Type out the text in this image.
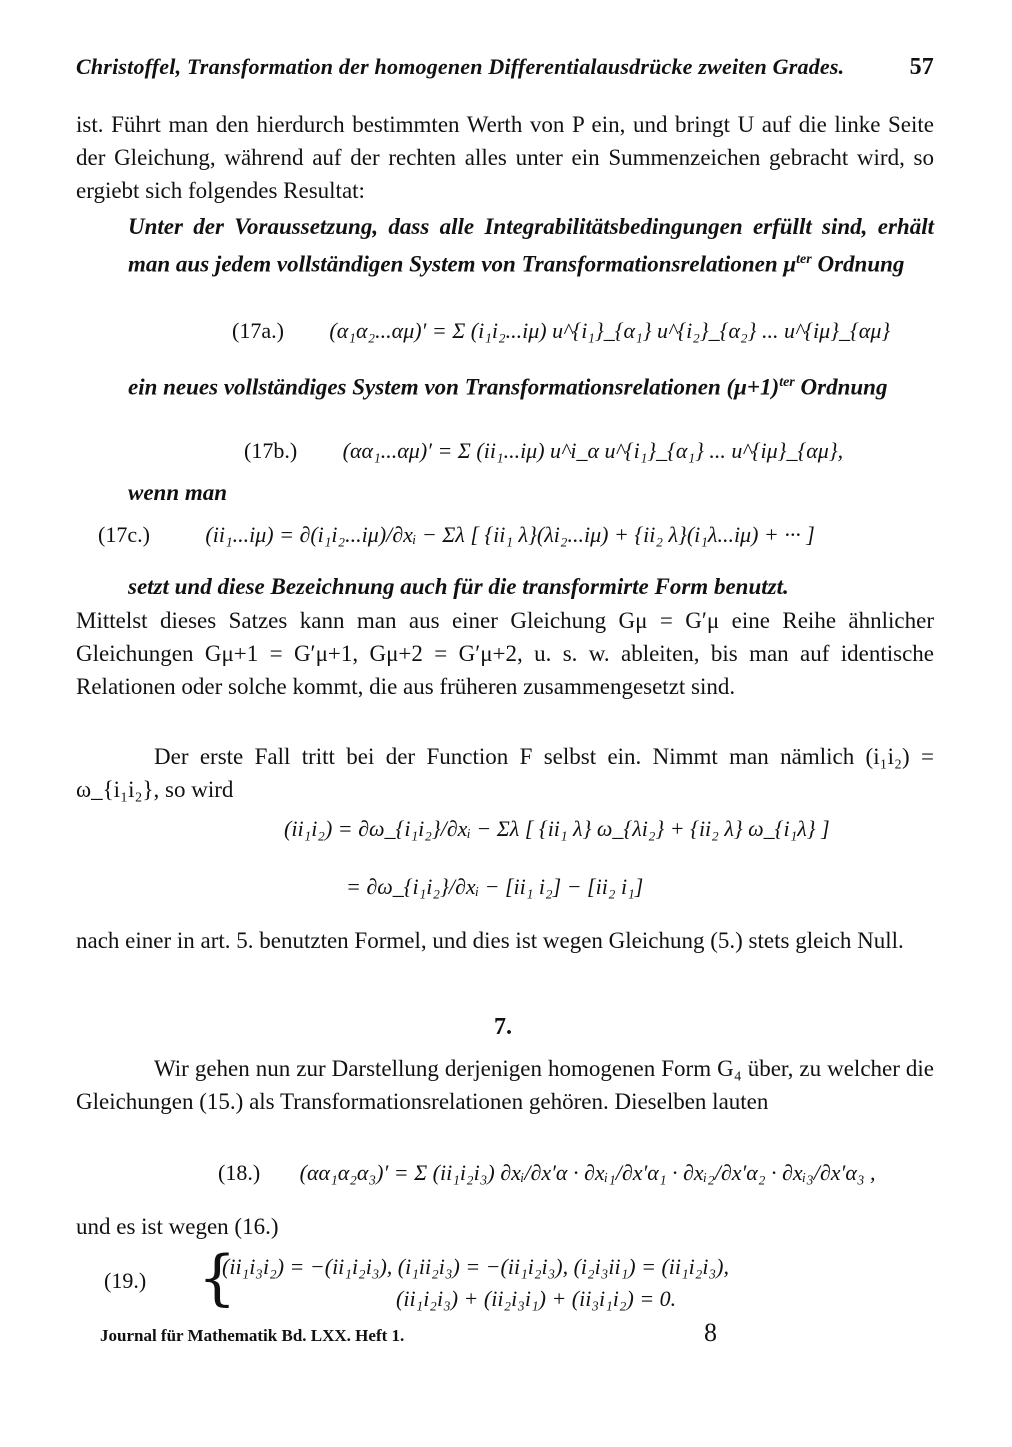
Christoffel, Transformation der homogenen Differentialausdrücke zweiten Grades.	57
ist. Führt man den hierdurch bestimmten Werth von P ein, und bringt U auf die linke Seite der Gleichung, während auf der rechten alles unter ein Summenzeichen gebracht wird, so ergiebt sich folgendes Resultat:
Unter der Voraussetzung, dass alle Integrabilitätsbedingungen erfüllt sind, erhält man aus jedem vollständigen System von Transformationsrelationen $\mu^{ter}$ Ordnung
(17a.) (α₁α₂...αμ)′ = Σ (i₁i₂...iμ) u^{i₁}_{α₁} u^{i₂}_{α₂} ... u^{iμ}_{αμ}
ein neues vollständiges System von Transformationsrelationen $(\mu+1)^{ter}$ Ordnung
(17b.) (αα₁...αμ)′ = Σ (ii₁...iμ) u^i_α u^{i₁}_{α₁} ... u^{iμ}_{αμ},
wenn man
(17c.)	(ii₁...iμ) = ∂(i₁i₂...iμ)/∂xᵢ − Σλ [ {ii₁ λ}(λi₂...iμ) + {ii₂ λ}(i₁λ...iμ) + ··· ]
setzt und diese Bezeichnung auch für die transformirte Form benutzt.
Mittelst dieses Satzes kann man aus einer Gleichung Gμ = G′μ eine Reihe ähnlicher Gleichungen Gμ+1 = G′μ+1, Gμ+2 = G′μ+2, u. s. w. ableiten, bis man auf identische Relationen oder solche kommt, die aus früheren zusammengesetzt sind.
Der erste Fall tritt bei der Function F selbst ein. Nimmt man nämlich (i₁i₂) = ω_{i₁i₂}, so wird
(ii₁i₂) = ∂ω_{i₁i₂}/∂xᵢ − Σλ [ {ii₁ λ} ω_{λi₂} + {ii₂ λ} ω_{i₁λ} ]
= ∂ω_{i₁i₂}/∂xᵢ − [ii₁ i₂] − [ii₂ i₁]
nach einer in art. 5. benutzten Formel, und dies ist wegen Gleichung (5.) stets gleich Null.
7.
Wir gehen nun zur Darstellung derjenigen homogenen Form G₄ über, zu welcher die Gleichungen (15.) als Transformationsrelationen gehören. Dieselben lauten
(18.) (αα₁α₂α₃)′ = Σ (ii₁i₂i₃) ∂xᵢ/∂x′α · ∂xᵢ₁/∂x′α₁ · ∂xᵢ₂/∂x′α₂ · ∂xᵢ₃/∂x′α₃ ,
und es ist wegen (16.)
(19.) {
(ii₁i₃i₂) = −(ii₁i₂i₃), (i₁ii₂i₃) = −(ii₁i₂i₃), (i₂i₃ii₁) = (ii₁i₂i₃),
(ii₁i₂i₃) + (ii₂i₃i₁) + (ii₃i₁i₂) = 0.
Journal für Mathematik Bd. LXX. Heft 1.	8
